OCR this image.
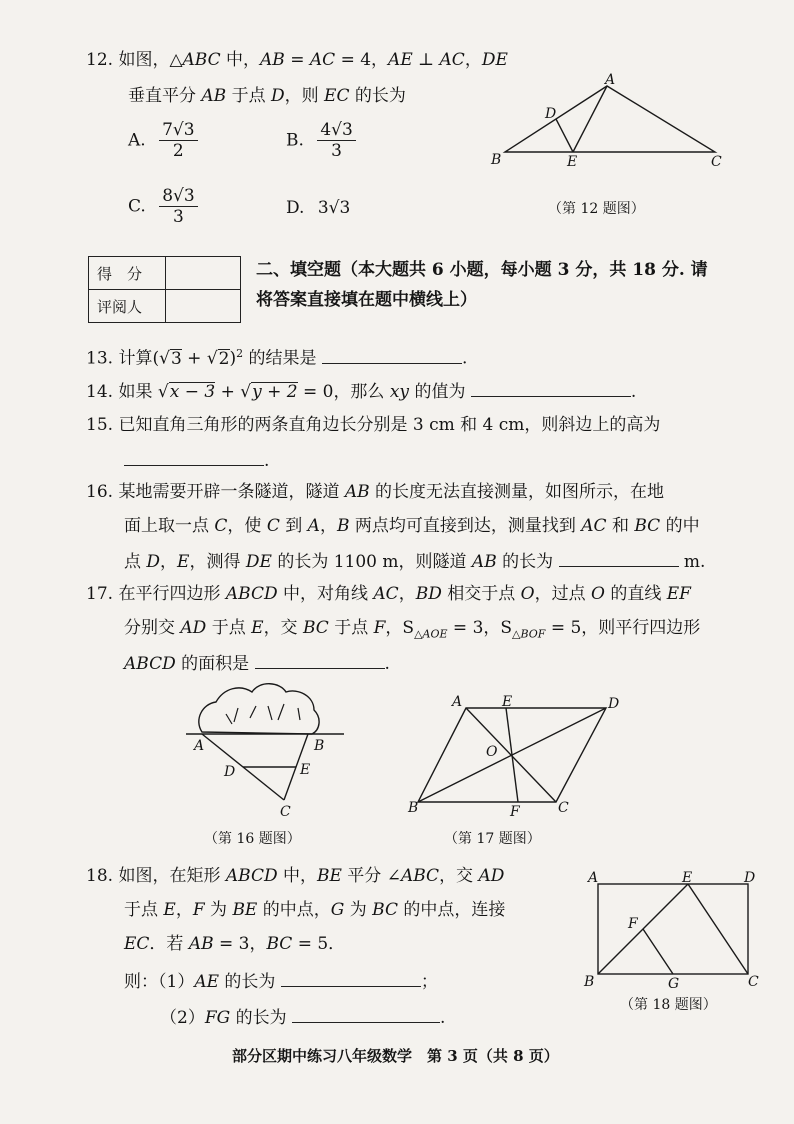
12. 如图，△ABC 中，AB = AC = 4，AE ⊥ AC，DE
垂直平分 AB 于点 D，则 EC 的长为
A. $\frac{7√3}{2}$	B. $\frac{4√3}{3}$
C. $\frac{8√3}{3}$	D. 3√3
A
D
B	E	C
（第 12 题图）
得　分	
评阅人	
二、填空题（本大题共 6 小题，每小题 3 分，共 18 分. 请
将答案直接填在题中横线上）
13. 计算$(√3 + √2)^2$ 的结果是	.
14. 如果 √x − 3 + √y + 2 = 0，那么 xy 的值为	.
15. 已知直角三角形的两条直角边长分别是 3 cm 和 4 cm，则斜边上的高为
.
16. 某地需要开辟一条隧道，隧道 AB 的长度无法直接测量，如图所示，在地
面上取一点 C，使 C 到 A，B 两点均可直接到达，测量找到 AC 和 BC 的中
点 D，E，测得 DE 的长为 1100 m，则隧道 AB 的长为	m.
17. 在平行四边形 ABCD 中，对角线 AC，BD 相交于点 O，过点 O 的直线 EF
分别交 AD 于点 E，交 BC 于点 F，$S_{\triangle AOE} = 3$，$S_{\triangle BOF} = 5$，则平行四边形
ABCD 的面积是	.
A	B
D	E
C
（第 16 题图）
A	E	D
O
B	F	C
（第 17 题图）
18. 如图，在矩形 ABCD 中，BE 平分 ∠ABC，交 AD
于点 E，F 为 BE 的中点，G 为 BC 的中点，连接
EC．若 AB = 3，BC = 5．
则：（1）AE 的长为	；
（2）FG 的长为	.
A	E	D
F
B	G	C
（第 18 题图）
部分区期中练习八年级数学　第 3 页（共 8 页）
